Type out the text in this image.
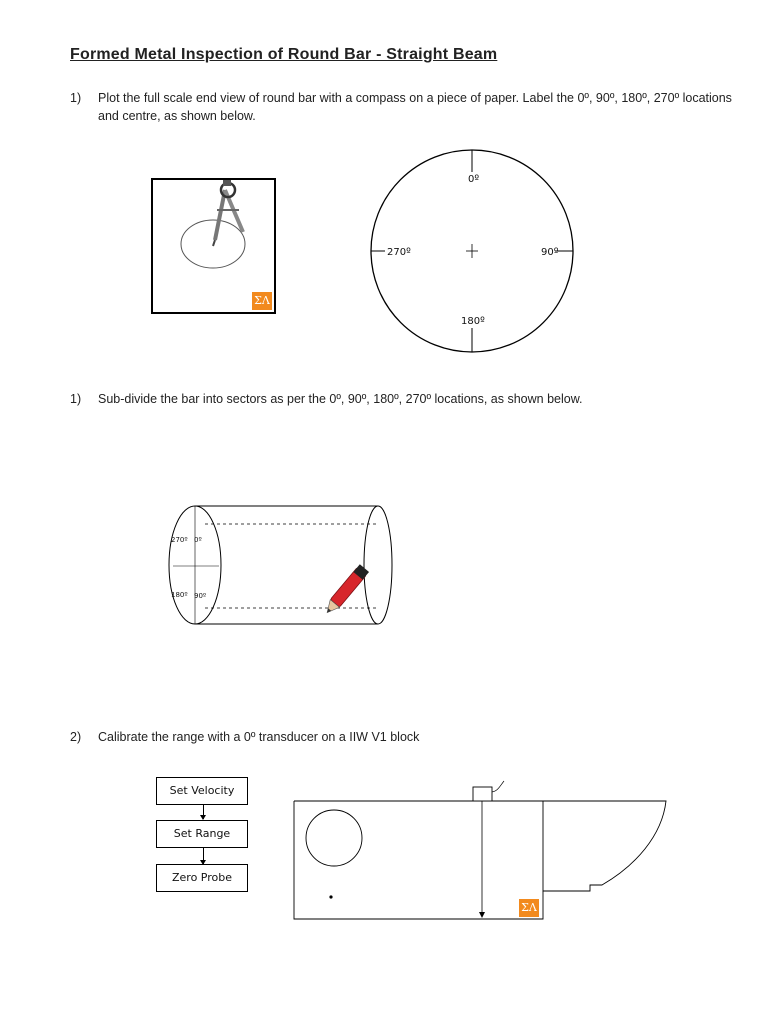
Formed Metal Inspection of Round Bar - Straight Beam
1) Plot the full scale end view of round bar with a compass on a piece of paper. Label the 0º, 90º, 180º, 270º locations and centre, as shown below.
ΣΛ
0º
90º
180º
270º
1) Sub-divide the bar into sectors as per the 0º, 90º, 180º, 270º locations, as shown below.
270º 0º
180º 90º
2) Calibrate the range with a 0º transducer on a IIW V1 block
Set Velocity
Set Range
Zero Probe
ΣΛ
